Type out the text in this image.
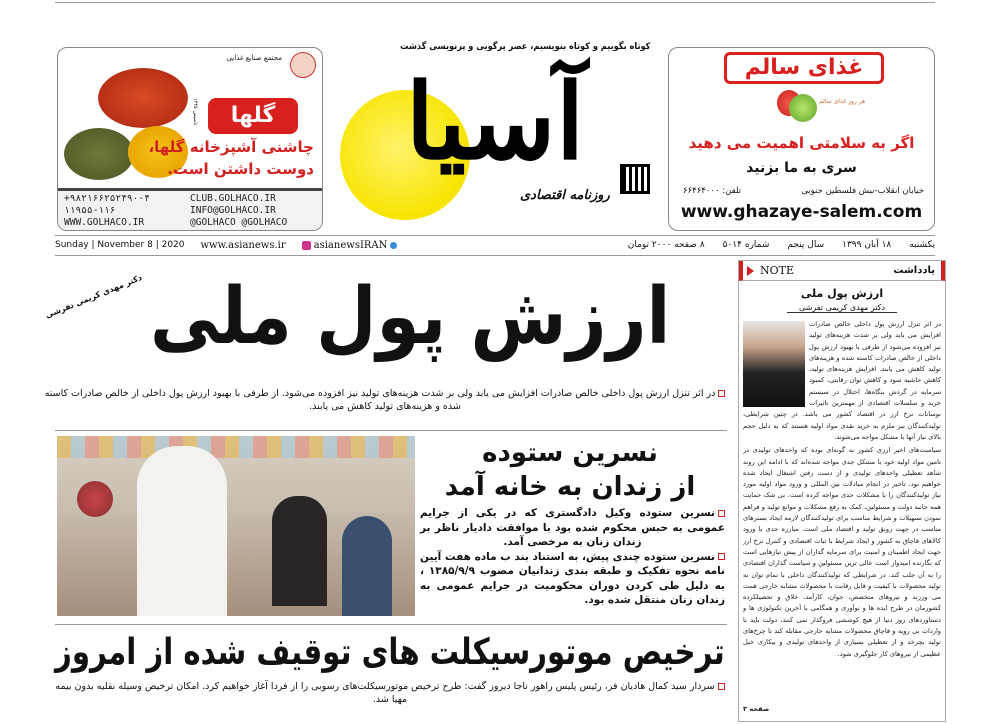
مجتمع صنایع غذایی
گلها
تاسیس ۱۳۴۵
چاشنی آشپزخانه گلها،
دوست داشتن است.
+۹۸۲۱۶۶۲۵۲۴۹۰-۴	CLUB.GOLHACO.IR
۱۱۹۵۵-۱۱۶	INFO@GOLHACO.IR
WWW.GOLHACO.IR	@GOLHACO @GOLHACO
کوتاه بگوییم و کوتاه بنویسیم، عصر پرگویی و پرنویسی گذشت
آسیا
روزنامه اقتصادی
غذای سالم
هر روز غذای سالم
اگر به سلامتی اهمیت می دهید
سری به ما بزنید
خیابان انقلاب-نبش فلسطین جنوبی
تلفن: ۶۶۴۶۴۰۰۰
www.ghazaye-salem.com
Sunday | November 8 | 2020 www.asianews.ir	asianewsIRAN	یکشنبه
۱۸ آبان ۱۳۹۹
سال پنجم
شماره ۵۰۱۴
۸ صفحه ۲۰۰۰ تومان
ارزش پول ملی
دکتر مهدی کریمی تفرشی
در اثر تنزل ارزش پول داخلی خالص صادرات افزایش می یابد ولی بر شدت هزینه‌های تولید نیز افزوده می‌شود. از طرفی با بهبود ارزش پول داخلی از خالص صادرات کاسته شده و هزینه‌های تولید کاهش می یابند.
نسرین ستوده
از زندان به خانه آمد

نسرین ستوده وکیل دادگستری که در یکی از جرایم عمومی به حبس محکوم شده بود با موافقت دادیار ناظر بر زندان زنان به مرخصی آمد.

نسرین ستوده چندی پیش، به استناد بند ب ماده هفت آیین نامه نحوه تفکیک و طبقه بندی زندانیان مصوب ۱۳۸۵/۹/۹ ، به دلیل طی کردن دوران محکومیت در جرایم عمومی به زندان زنان منتقل شده بود.

ترخیص موتورسیکلت های توقیف شده از امروز
سردار سید کمال هادیان فر، رئیس پلیس راهور ناجا دیروز گفت: طرح ترخیص موتورسیکلت‌های رسوبی را از فردا آغاز خواهیم کرد. امکان ترخیص وسیله نقلیه بدون بیمه مهیا شد.
NOTE	یادداشت
ارزش پول ملی
دکتر مهدی کریمی تفرشی

در اثر تنزل ارزش پول داخلی خالص صادرات افزایش می یابد ولی بر شدت هزینه‌های تولید نیز افزوده می‌شود از طرفی با بهبود ارزش پول داخلی از خالص صادرات کاسته شده و هزینه‌های تولید کاهش می یابند. افزایش هزینه‌های تولید، کاهش حاشیه سود و کاهش توان رقابتی، کمبود سرمایه در گردش بنگاه‌ها، اختلال در سیستم خرید و سلسلات اقتصادی از مهمترین تاثیرات نوسانات نرخ ارز در اقتصاد کشور می باشد. در چنین شرایطی، تولیدکنندگان نیز ملزم به خرید نقدی مواد اولیه هستند که به دلیل حجم بالای نیاز آنها با مشکل مواجه می‌شوند.

سیاست‌های اخیر ارزی کشور به گونه‌ای بوده که واحدهای تولیدی در تامین مواد اولیه خود با مشکل جدی مواجه شده‌اند که با ادامه این روند شاهد تعطیلی واحدهای تولیدی و از دست رفتن اشتغال ایجاد شده خواهیم بود. تاخیر در انجام مبادلات بین المللی و ورود مواد اولیه مورد نیاز تولیدکنندگان را با مشکلات جدی مواجه کرده است. بی شک حمایت همه جانبه دولت و مسئولین، کمک به رفع مشکلات و موانع تولید و فراهم نمودن تسهیلات و شرایط مناسب برای تولیدکنندگان لازمه ایجاد بسترهای مناسب در جهت رونق تولید و اقتصاد ملی است. مبارزه جدی با ورود کالاهای قاچاق به کشور و ایجاد شرایط با ثبات اقتصادی و کنترل نرخ ارز جهت ایجاد اطمینان و امنیت برای سرمایه گذاران از پیش نیازهایی است که نگارنده امیدوار است عالی ترین مسئولین و سیاست گذاران اقتصادی را به آن جلب کند. در شرایطی که تولیدکنندگان داخلی با تمام توان به تولید محصولات با کیفیت و قابل رقابت با محصولات مشابه خارجی همت می ورزند و نیروهای متخصص، جوان، کارآمد، خلاق و تحصیلکرده کشورمان در طرح ایده ها و نوآوری و همگامی با آخرین تکنولوژی ها و دستاوردهای روز دنیا از هیچ کوششی فروگذار نمی کنند، دولت باید با واردات بی رویه و قاچاق محصولات مشابه خارجی مقابله کند تا چرخ‌های تولید بچرخد و از تعطیلی بسیاری از واحدهای تولیدی و بیکاری خیل عظیمی از نیروهای کار جلوگیری شود.

صفحه ۳
